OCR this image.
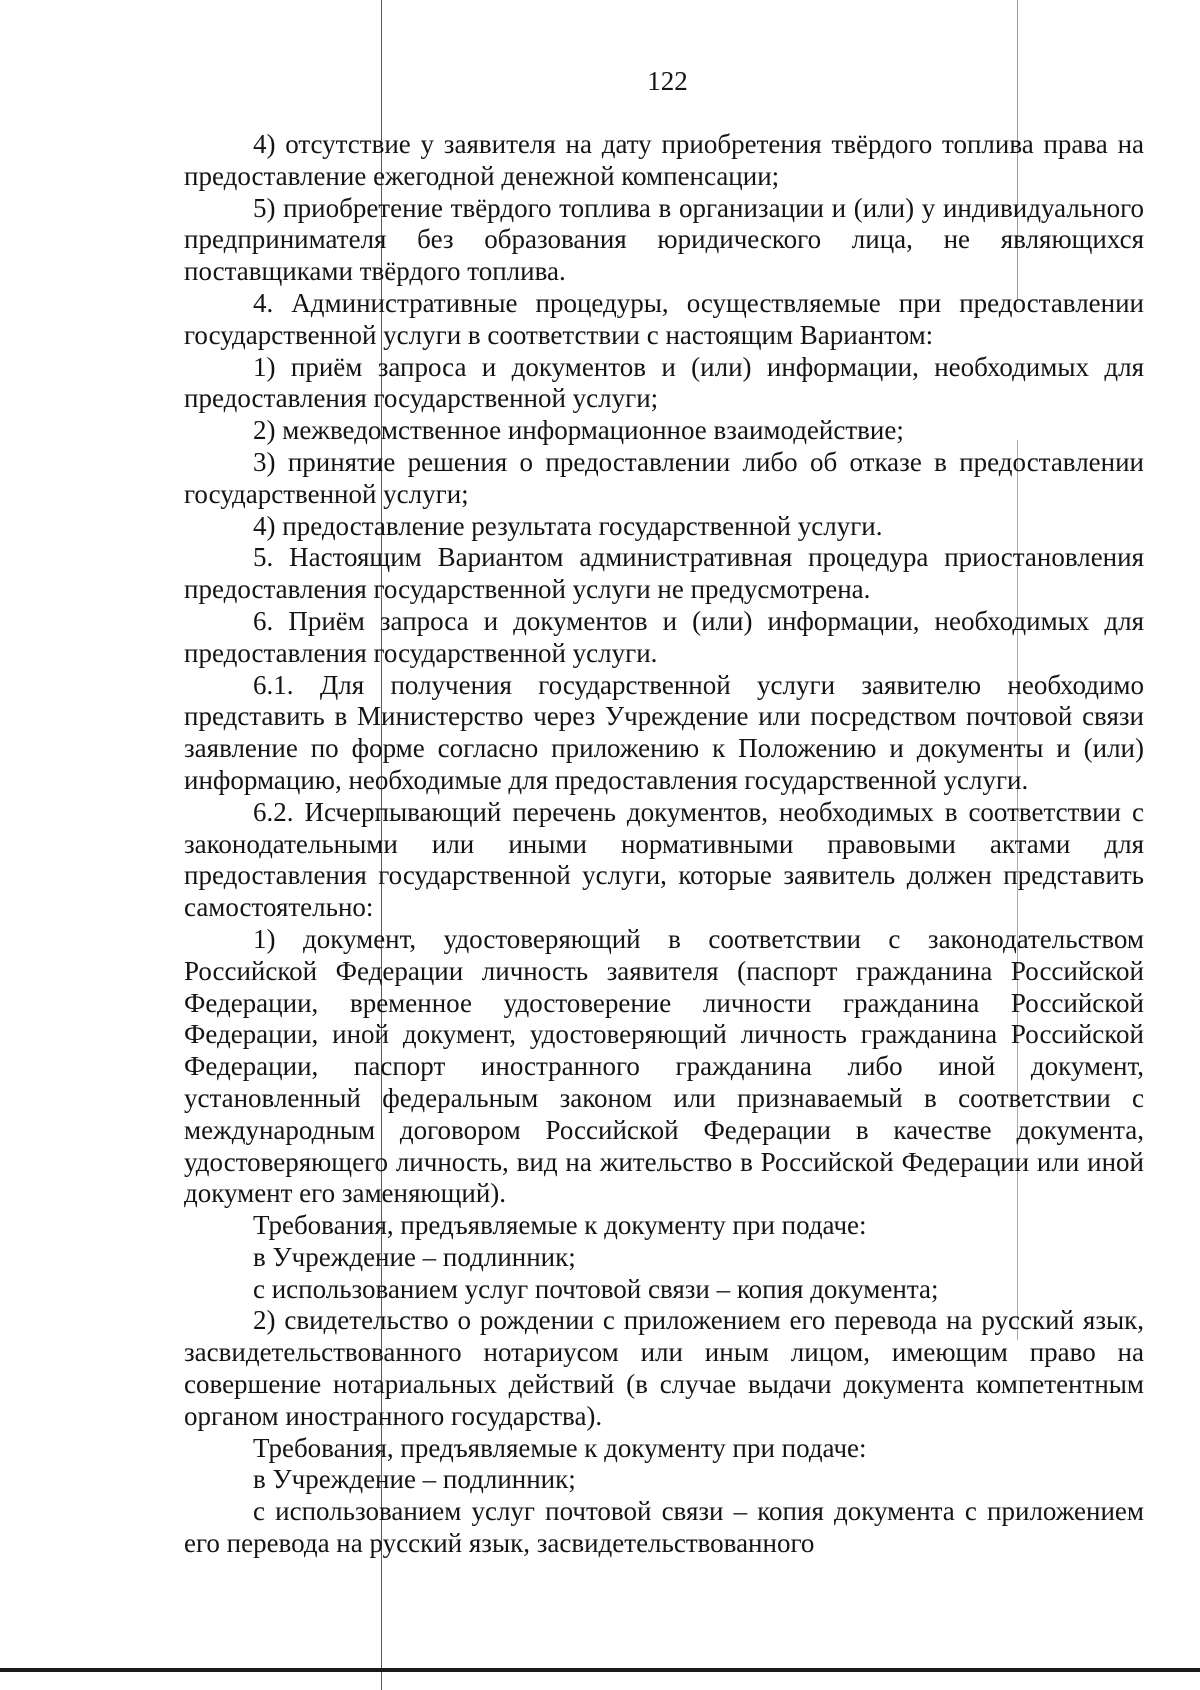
122

4) отсутствие у заявителя на дату приобретения твёрдого топлива права на предоставление ежегодной денежной компенсации;

5) приобретение твёрдого топлива в организации и (или) у индивидуального предпринимателя без образования юридического лица, не являющихся поставщиками твёрдого топлива.

4. Административные процедуры, осуществляемые при предоставлении государственной услуги в соответствии с настоящим Вариантом:

1) приём запроса и документов и (или) информации, необходимых для предоставления государственной услуги;

2) межведомственное информационное взаимодействие;

3) принятие решения о предоставлении либо об отказе в предоставлении государственной услуги;

4) предоставление результата государственной услуги.

5. Настоящим Вариантом административная процедура приостановления предоставления государственной услуги не предусмотрена.

6. Приём запроса и документов и (или) информации, необходимых для предоставления государственной услуги.

6.1. Для получения государственной услуги заявителю необходимо представить в Министерство через Учреждение или посредством почтовой связи заявление по форме согласно приложению к Положению и документы и (или) информацию, необходимые для предоставления государственной услуги.

6.2. Исчерпывающий перечень документов, необходимых в соответствии с законодательными или иными нормативными правовыми актами для предоставления государственной услуги, которые заявитель должен представить самостоятельно:

1) документ, удостоверяющий в соответствии с законодательством Российской Федерации личность заявителя (паспорт гражданина Российской Федерации, временное удостоверение личности гражданина Российской Федерации, иной документ, удостоверяющий личность гражданина Российской Федерации, паспорт иностранного гражданина либо иной документ, установленный федеральным законом или признаваемый в соответствии с международным договором Российской Федерации в качестве документа, удостоверяющего личность, вид на жительство в Российской Федерации или иной документ его заменяющий).

Требования, предъявляемые к документу при подаче:

в Учреждение – подлинник;

с использованием услуг почтовой связи – копия документа;

2) свидетельство о рождении с приложением его перевода на русский язык, засвидетельствованного нотариусом или иным лицом, имеющим право на совершение нотариальных действий (в случае выдачи документа компетентным органом иностранного государства).

Требования, предъявляемые к документу при подаче:

в Учреждение – подлинник;

с использованием услуг почтовой связи – копия документа с приложением его перевода на русский язык, засвидетельствованного
